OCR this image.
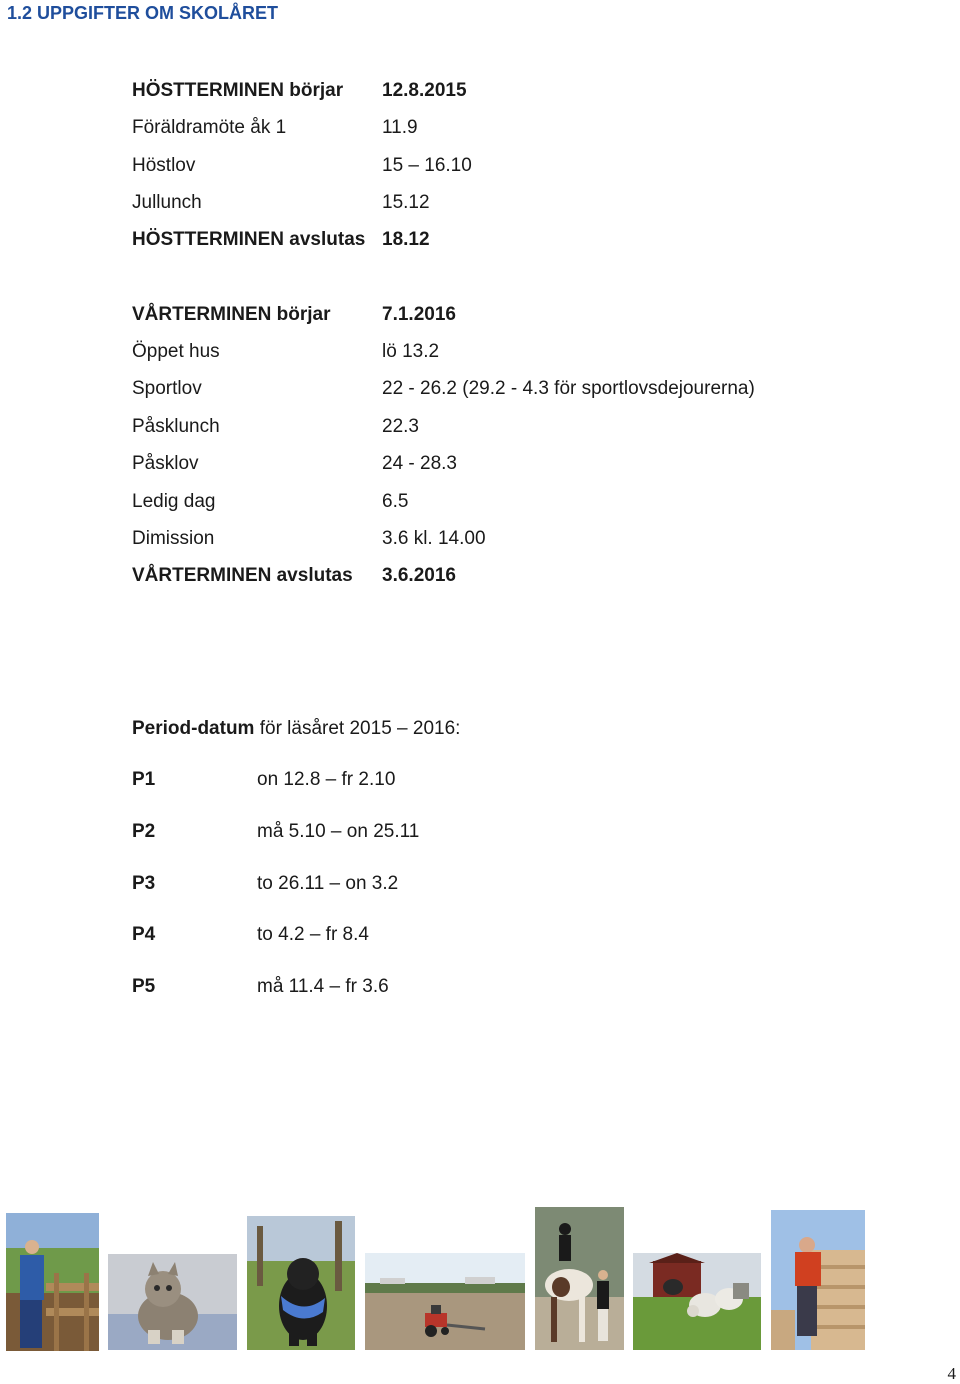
1.2 UPPGIFTER OM SKOLÅRET
HÖSTTERMINEN börjar 12.8.2015
Föräldramöte åk 1	11.9
Höstlov	15 – 16.10
Jullunch	15.12
HÖSTTERMINEN avslutas 18.12
VÅRTERMINEN börjar	7.1.2016
Öppet hus	lö 13.2
Sportlov	22 - 26.2 (29.2 - 4.3 för sportlovsdejourerna)
Påsklunch	22.3
Påsklov	24 - 28.3
Ledig dag	6.5
Dimission	3.6 kl. 14.00
VÅRTERMINEN avslutas 3.6.2016
Period-datum för läsåret 2015 – 2016:
P1	on 12.8 – fr 2.10
P2	må 5.10 – on 25.11
P3	to 26.11 – on 3.2
P4	to 4.2 – fr 8.4
P5	må 11.4 – fr 3.6
4
